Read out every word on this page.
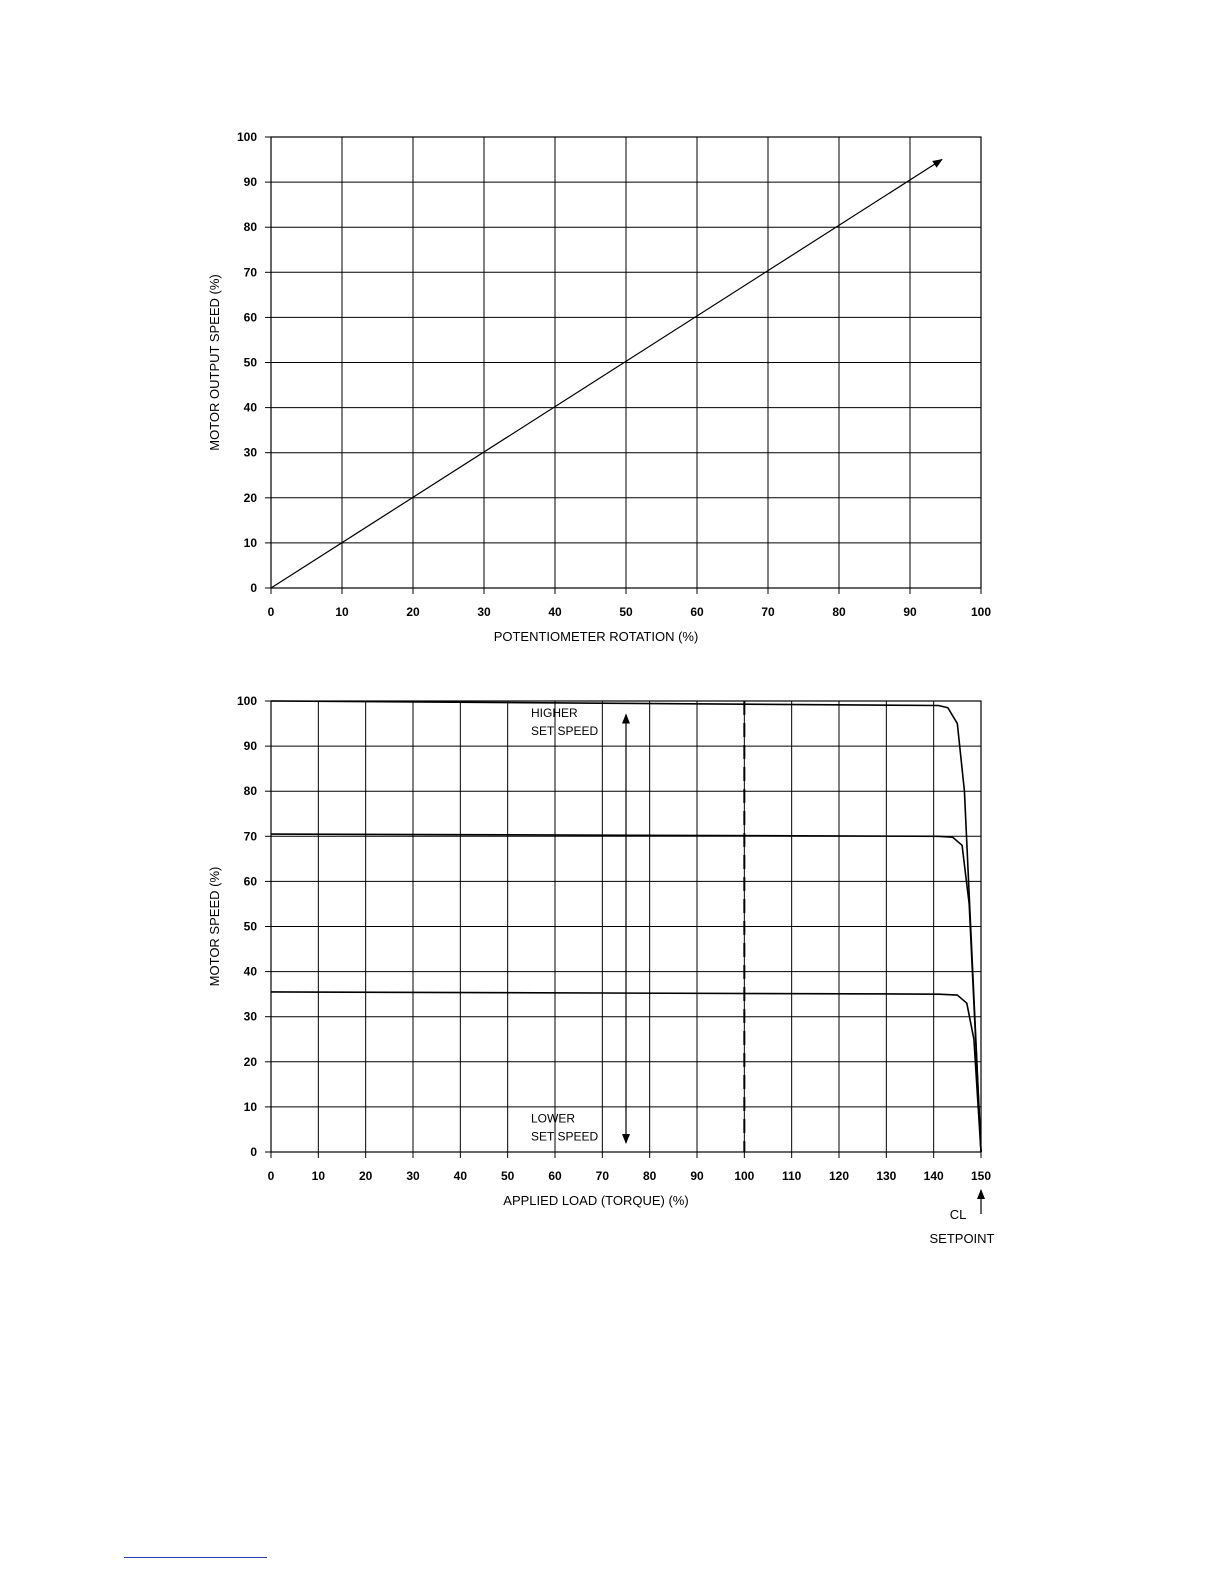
0	10	20	30	40	50	60	70	80	90	100
0
10
20
30
40
50
60
70
80
90
100
POTENTIOMETER ROTATION (%)
MOTOR OUTPUT SPEED (%)
0	10	20	30	40	50	60	70	80	90	100 110 120 130 140 150
0
10
20
30
40
50
60
70
80
90
100
APPLIED LOAD (TORQUE) (%)
MOTOR SPEED (%)
HIGHER
SET SPEED
LOWER
SET SPEED
CL
SETPOINT
